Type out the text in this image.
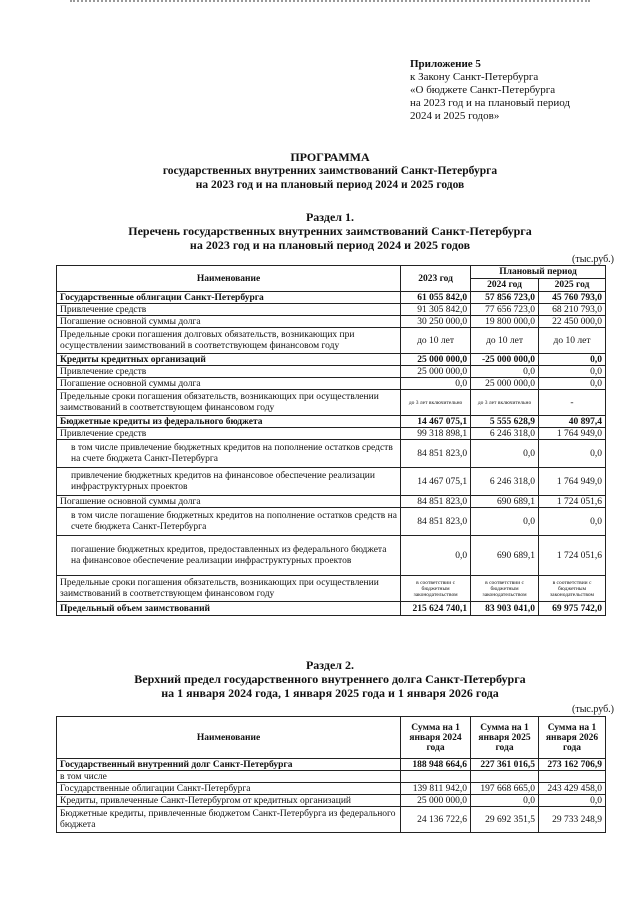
Приложение 5
к Закону Санкт-Петербурга
«О бюджете Санкт-Петербурга
на 2023 год и на плановый период
2024 и 2025 годов»
ПРОГРАММА
государственных внутренних заимствований Санкт-Петербурга
на 2023 год и на плановый период 2024 и 2025 годов
Раздел 1.
Перечень государственных внутренних заимствований Санкт-Петербурга
на 2023 год и на плановый период 2024 и 2025 годов
(тыс.руб.)
Наименование	2023 год	Плановый период	
		2024 год	2025 год
Государственные облигации Санкт-Петербурга	61 055 842,0	57 856 723,0	45 760 793,0
Привлечение средств	91 305 842,0	77 656 723,0	68 210 793,0
Погашение основной суммы долга	30 250 000,0	19 800 000,0	22 450 000,0
Предельные сроки погашения долговых обязательств, возникающих при осуществлении заимствований в соответствующем финансовом году	до 10 лет	до 10 лет	до 10 лет
Кредиты кредитных организаций	25 000 000,0	-25 000 000,0	0,0
Привлечение средств	25 000 000,0	0,0	0,0
Погашение основной суммы долга	0,0	25 000 000,0	0,0
Предельные сроки погашения обязательств, возникающих при осуществлении заимствований в соответствующем финансовом году	до 3 лет включительно	до 3 лет включительно	-
Бюджетные кредиты из федерального бюджета	14 467 075,1	5 555 628,9	40 897,4
Привлечение средств	99 318 898,1	6 246 318,0	1 764 949,0
в том числе привлечение бюджетных кредитов на пополнение остатков средств на счете бюджета Санкт-Петербурга	84 851 823,0	0,0	0,0
привлечение бюджетных кредитов на финансовое обеспечение реализации инфраструктурных проектов	14 467 075,1	6 246 318,0	1 764 949,0
Погашение основной суммы долга	84 851 823,0	690 689,1	1 724 051,6
в том числе погашение бюджетных кредитов на пополнение остатков средств на счете бюджета Санкт-Петербурга	84 851 823,0	0,0	0,0
погашение бюджетных кредитов, предоставленных из федерального бюджета на финансовое обеспечение реализации инфраструктурных проектов	0,0	690 689,1	1 724 051,6
Предельные сроки погашения обязательств, возникающих при осуществлении заимствований в соответствующем финансовом году	в соответствии с бюджетным законодательством	в соответствии с бюджетным законодательством	в соответствии с бюджетным законодательством
Предельный объем заимствований	215 624 740,1	83 903 041,0	69 975 742,0
Раздел 2.
Верхний предел государственного внутреннего долга Санкт-Петербурга
на 1 января 2024 года, 1 января 2025 года и 1 января 2026 года
(тыс.руб.)
Наименование	Сумма на 1 января 2024 года	Сумма на 1 января 2025 года	Сумма на 1 января 2026 года
Государственный внутренний долг Санкт-Петербурга	188 948 664,6	227 361 016,5	273 162 706,9
в том числе			
Государственные облигации Санкт-Петербурга	139 811 942,0	197 668 665,0	243 429 458,0
Кредиты, привлеченные Санкт-Петербургом от кредитных организаций	25 000 000,0	0,0	0,0
Бюджетные кредиты, привлеченные бюджетом Санкт-Петербурга из федерального бюджета	24 136 722,6	29 692 351,5	29 733 248,9
